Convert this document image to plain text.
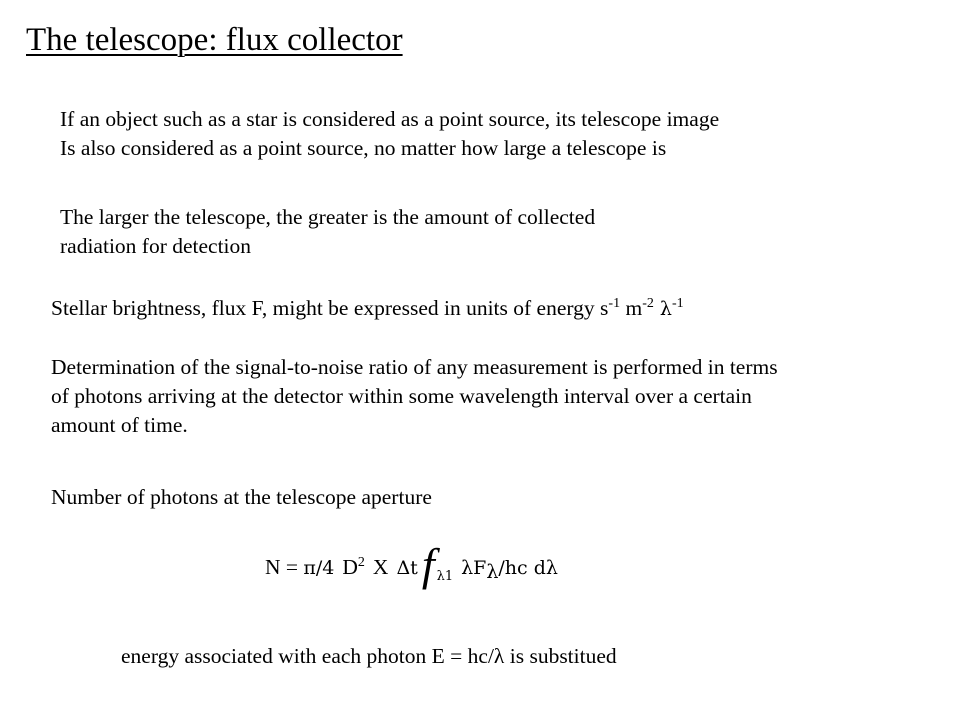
The telescope: flux collector

If an object such as a star is considered as a point source, its telescope image
Is also considered as a point source, no matter how large a telescope is

The larger the telescope, the greater is the amount of collected
radiation for detection

Stellar brightness, flux F, might be expressed in units of energy $s^{-1}$ $m^{-2}$ $\lambda^{-1}$

Determination of the signal-to-noise ratio of any measurement is performed in terms
of photons arriving at the detector within some wavelength interval over a certain
amount of time.

Number of photons at the telescope aperture

N = π/4 $D^2$ X Δtf $_{\lambda 1}$ $\lambda F_\lambda/hc$ dλ

energy associated with each photon E = hc/λ is substitued
